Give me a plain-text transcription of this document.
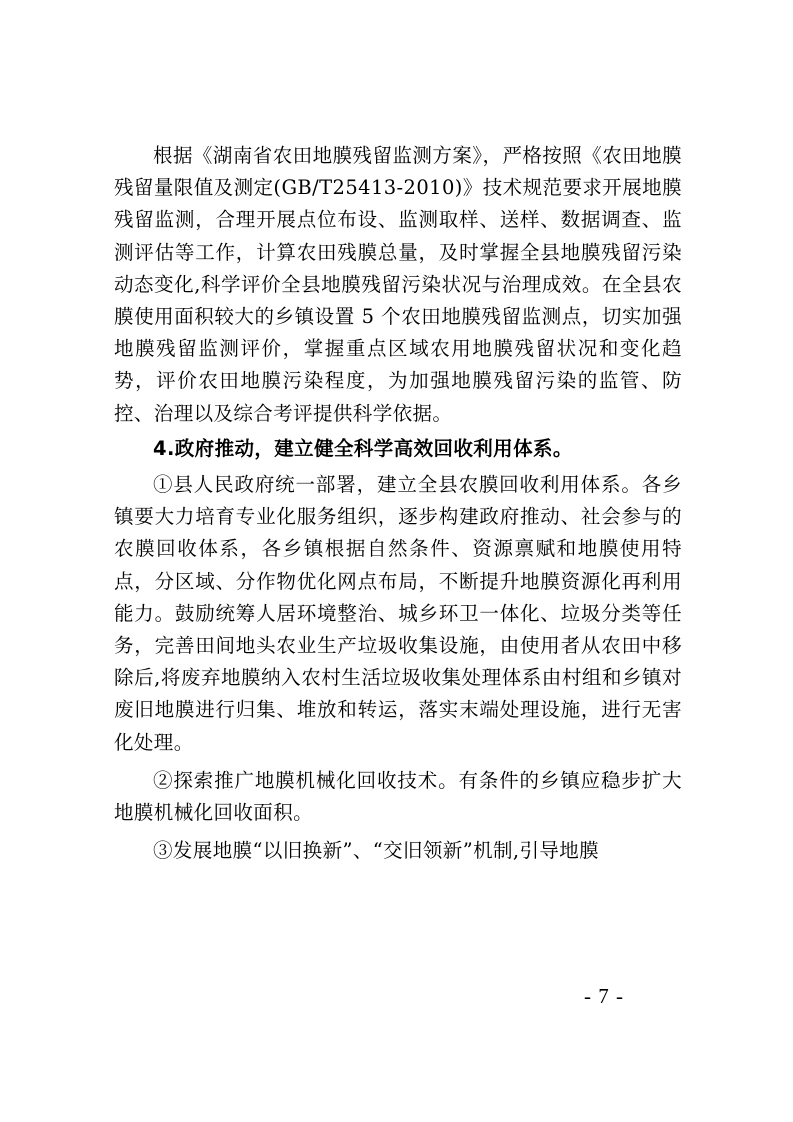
根据《湖南省农田地膜残留监测方案》，严格按照《农田地膜残留量限值及测定(GB/T25413-2010)》技术规范要求开展地膜残留监测，合理开展点位布设、监测取样、送样、数据调查、监测评估等工作，计算农田残膜总量，及时掌握全县地膜残留污染动态变化,科学评价全县地膜残留污染状况与治理成效。在全县农膜使用面积较大的乡镇设置 5 个农田地膜残留监测点，切实加强地膜残留监测评价，掌握重点区域农用地膜残留状况和变化趋势，评价农田地膜污染程度，为加强地膜残留污染的监管、防控、治理以及综合考评提供科学依据。

4.政府推动，建立健全科学高效回收利用体系。

①县人民政府统一部署，建立全县农膜回收利用体系。各乡镇要大力培育专业化服务组织，逐步构建政府推动、社会参与的农膜回收体系，各乡镇根据自然条件、资源禀赋和地膜使用特点，分区域、分作物优化网点布局，不断提升地膜资源化再利用能力。鼓励统筹人居环境整治、城乡环卫一体化、垃圾分类等任务，完善田间地头农业生产垃圾收集设施，由使用者从农田中移除后,将废弃地膜纳入农村生活垃圾收集处理体系由村组和乡镇对废旧地膜进行归集、堆放和转运，落实末端处理设施，进行无害化处理。

②探索推广地膜机械化回收技术。有条件的乡镇应稳步扩大地膜机械化回收面积。

③发展地膜“以旧换新”、“交旧领新”机制,引导地膜

- 7 -
